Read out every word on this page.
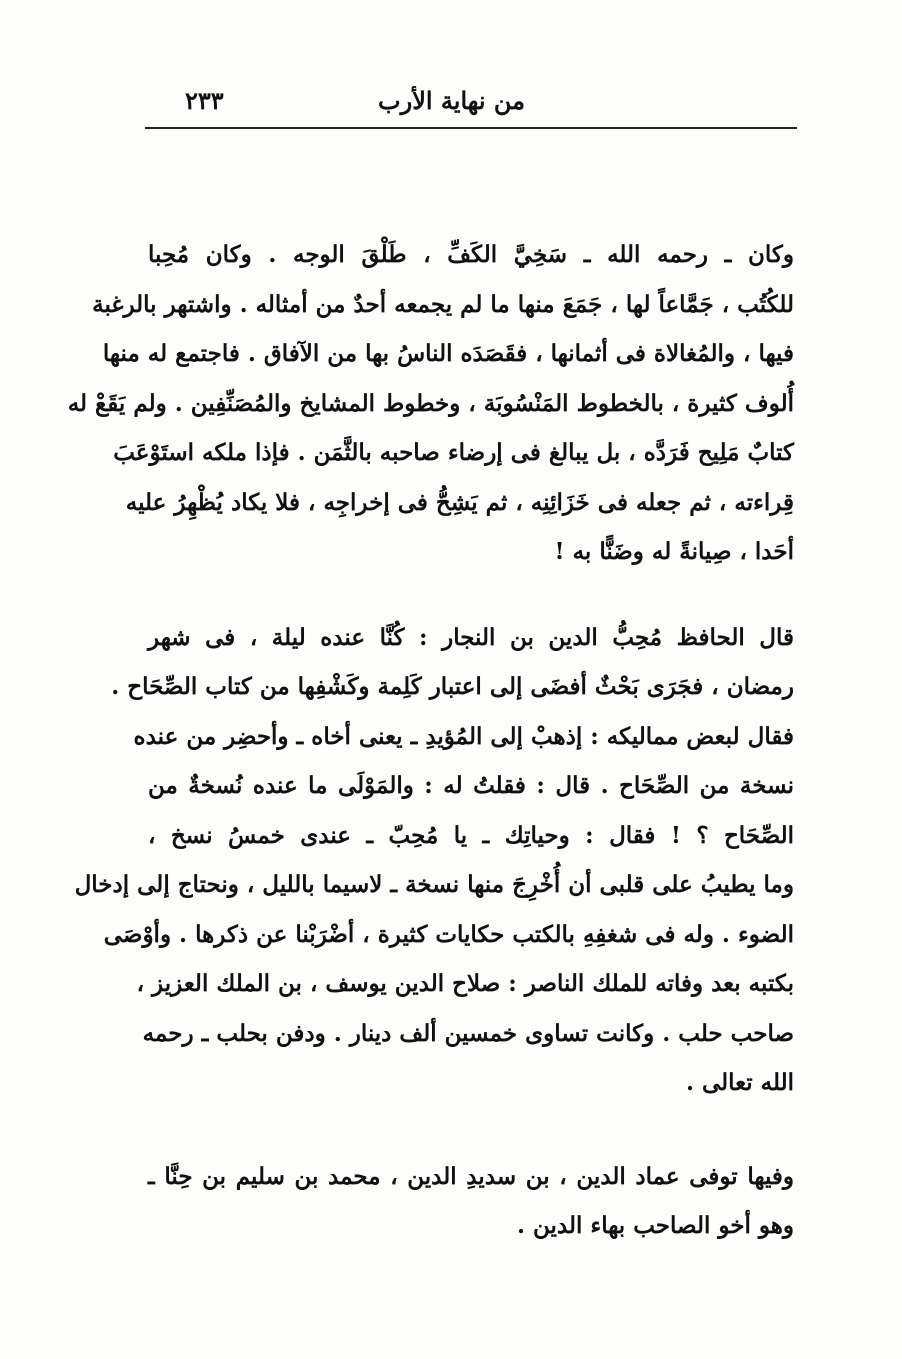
من نهاية الأرب
٢٣٣
وكان ـ رحمه الله ـ سَخِيَّ الكَفِّ ، طَلْقَ الوجه . وكان مُحِبا
للكُتُب ، جَمَّاعاً لها ، جَمَعَ منها ما لم يجمعه أحدٌ من أمثاله . واشتهر بالرغبة
فيها ، والمُغالاة فى أثمانها ، فقَصَدَه الناسُ بها من الآفاق . فاجتمع له منها
أُلوف كثيرة ، بالخطوط المَنْسُوبَة ، وخطوط المشايخ والمُصَنِّفِين . ولم يَقَعْ له
كتابٌ مَلِيح فَرَدَّه ، بل يبالغ فى إرضاء صاحبه بالثَّمَن . فإذا ملكه استَوْعَبَ
قِراءته ، ثم جعله فى خَزَائِنِه ، ثم يَشِحُّ فى إخراجِه ، فلا يكاد يُظْهِرُ عليه
أحَدا ، صِيانةً له وضَنًّا به !
قال الحافظ مُحِبُّ الدين بن النجار : كُنَّا عنده ليلة ، فى شهر
رمضان ، فجَرَى بَحْثٌ أفضَى إلى اعتبار كَلِمة وكَشْفِها من كتاب الصِّحَاح .
فقال لبعض مماليكه : إذهبْ إلى المُؤيدِ ـ يعنى أخاه ـ وأحضِر من عنده
نسخة من الصِّحَاح . قال : فقلتُ له : والمَوْلَى ما عنده نُسخةٌ من
الصِّحَاح ؟ ! فقال : وحياتِك ـ يا مُحِبّ ـ عندى خمسُ نسخ ،
وما يطيبُ على قلبى أن أُخْرِجَ منها نسخة ـ لاسيما بالليل ، ونحتاج إلى إدخال
الضوء . وله فى شغفِهِ بالكتب حكايات كثيرة ، أضْرَبْنا عن ذكرها . وأوْصَى
بكتبه بعد وفاته للملك الناصر : صلاح الدين يوسف ، بن الملك العزيز ،
صاحب حلب . وكانت تساوى خمسين ألف دينار . ودفن بحلب ـ رحمه
الله تعالى .
وفيها توفى عماد الدين ، بن سديدِ الدين ، محمد بن سليم بن حِنَّا ـ
وهو أخو الصاحب بهاء الدين .
